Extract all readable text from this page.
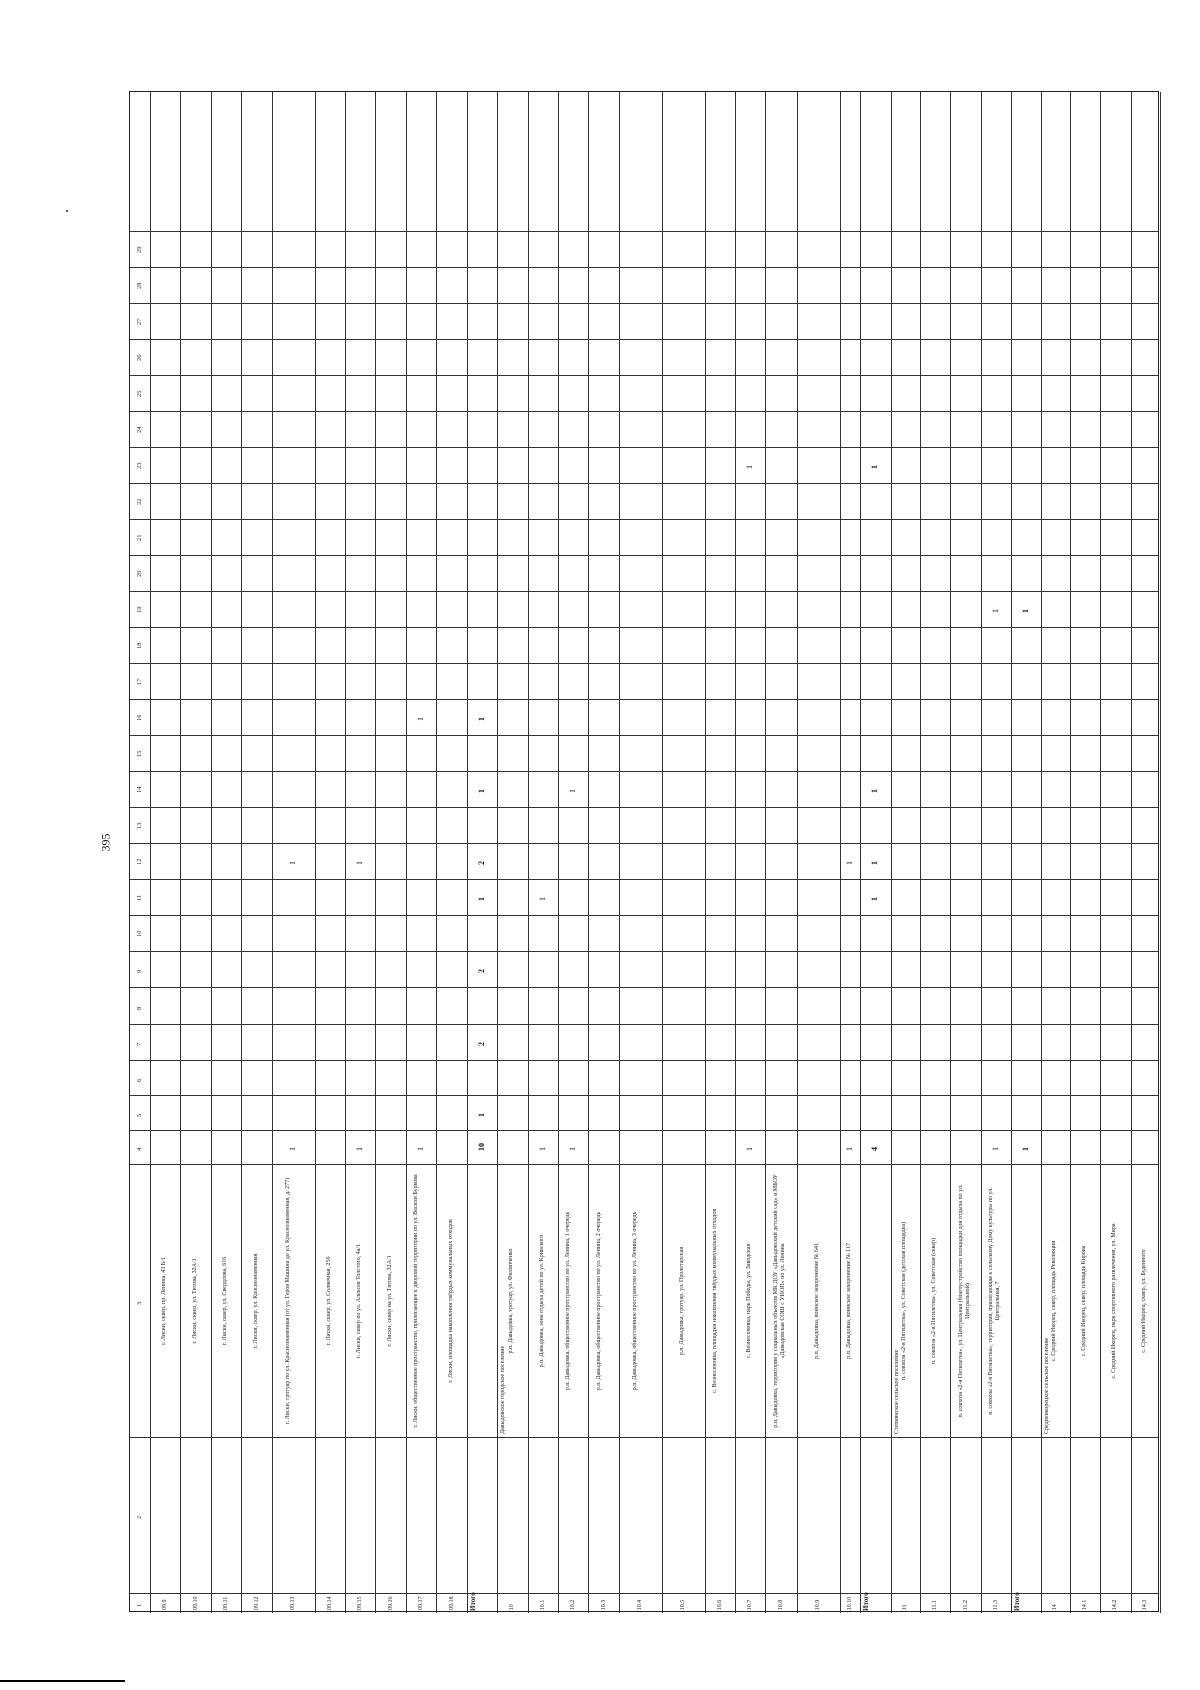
395
1
2
3
4
5
6
7
8
9
10
11
12
13
14
15
16
17
18
19
20
21
22
23
24
25
26
27
28
29
109.9
г. Лиски, сквер, пр. Ленина, 43 Б/1
109.10
г. Лиски, сквер, ул. Титова, 32А/1
109.11
г. Лиски, сквер, ул. Свердлова, 616
109.12
г. Лиски, сквер, ул. Краснознаменная
109.13
г. Лиски, тротуар по ул. Краснознаменная (от ул. Героя Машина до ул. Краснознаменная, д. 277)
1
1
109.14
г. Лиски, сквер, ул. Солнечная, 256
109.15
г. Лиски, сквер по ул. Алексея Толстого, 4а/1
1
1
109.16
г. Лиски, сквер на ул. Титова, 32А/1
109.17
г. Лиски, общественное пространство, прилегающее к дворовой территории по ул. Васили Буркова
1
1
109.18
г. Лиски, площадка накопления твёрдых коммунальных отходов
Итого
10
1
2
2
1
2
1
1
110
Давыдовское городское поселение
р.п. Давыдовка, тротуар, ул. Филипченко
110.1
р.п. Давыдовка, зона отдыха детей по ул. Кривского
1
1
110.2
р.п. Давыдовка, общественное пространство по ул. Ленина, 1 очередь
1
1
110.3
р.п. Давыдовка, общественное пространство по ул. Ленина, 2 очередь
110.4
р.п. Давыдовка, общественное пространство по ул. Ленина, 3 очередь
110.5
р.п. Давыдовка, тротуар, ул. Пролетарская
110.6
с. Вознесеновка, площадки накопления твёрдых коммунальных отходов
110.7
с. Вознесеновка, парк Победы, ул. Заводская
1
1
110.8
р.п. Давыдовка, территория у социальных объектов МК ДОУ «Давыдовский детский сад» и МБОУ «Давыдовская СОШ с УИОП» по ул. Ленина
110.9
р.п. Давыдовка, воинское захоронение № 641
110.10
р.п. Давыдовка, воинское захоронение № 117
1
1
Итого
4
1
1
1
1
111
Степнянское сельское поселение
п. совхоза «2-я Пятилетка», ул. Советская (детская площадка)
111.1
п. совхоза «2-я Пятилетка», ул. Советская (сквер)
111.2
п. совхоза «2-я Пятилетка», ул. Центральная (благоустройство площадки для отдыха по ул. Центральной)
111.3
п. совхоза «2-я Пятилетка», территория, прилегающая к сельскому Дому культуры по ул. Центральная, 7
1
1
Итого
1
1
114
Среднеикорецкое сельское поселение
с. Средний Икорец, сквер, площадь Революции
114.1
с. Средний Икорец, сквер, площадь Кирова
114.2
с. Средний Икорец, парк спортивного развлечения, ул. Мира
114.3
с. Средний Икорец, сквер, ул. Буденного
